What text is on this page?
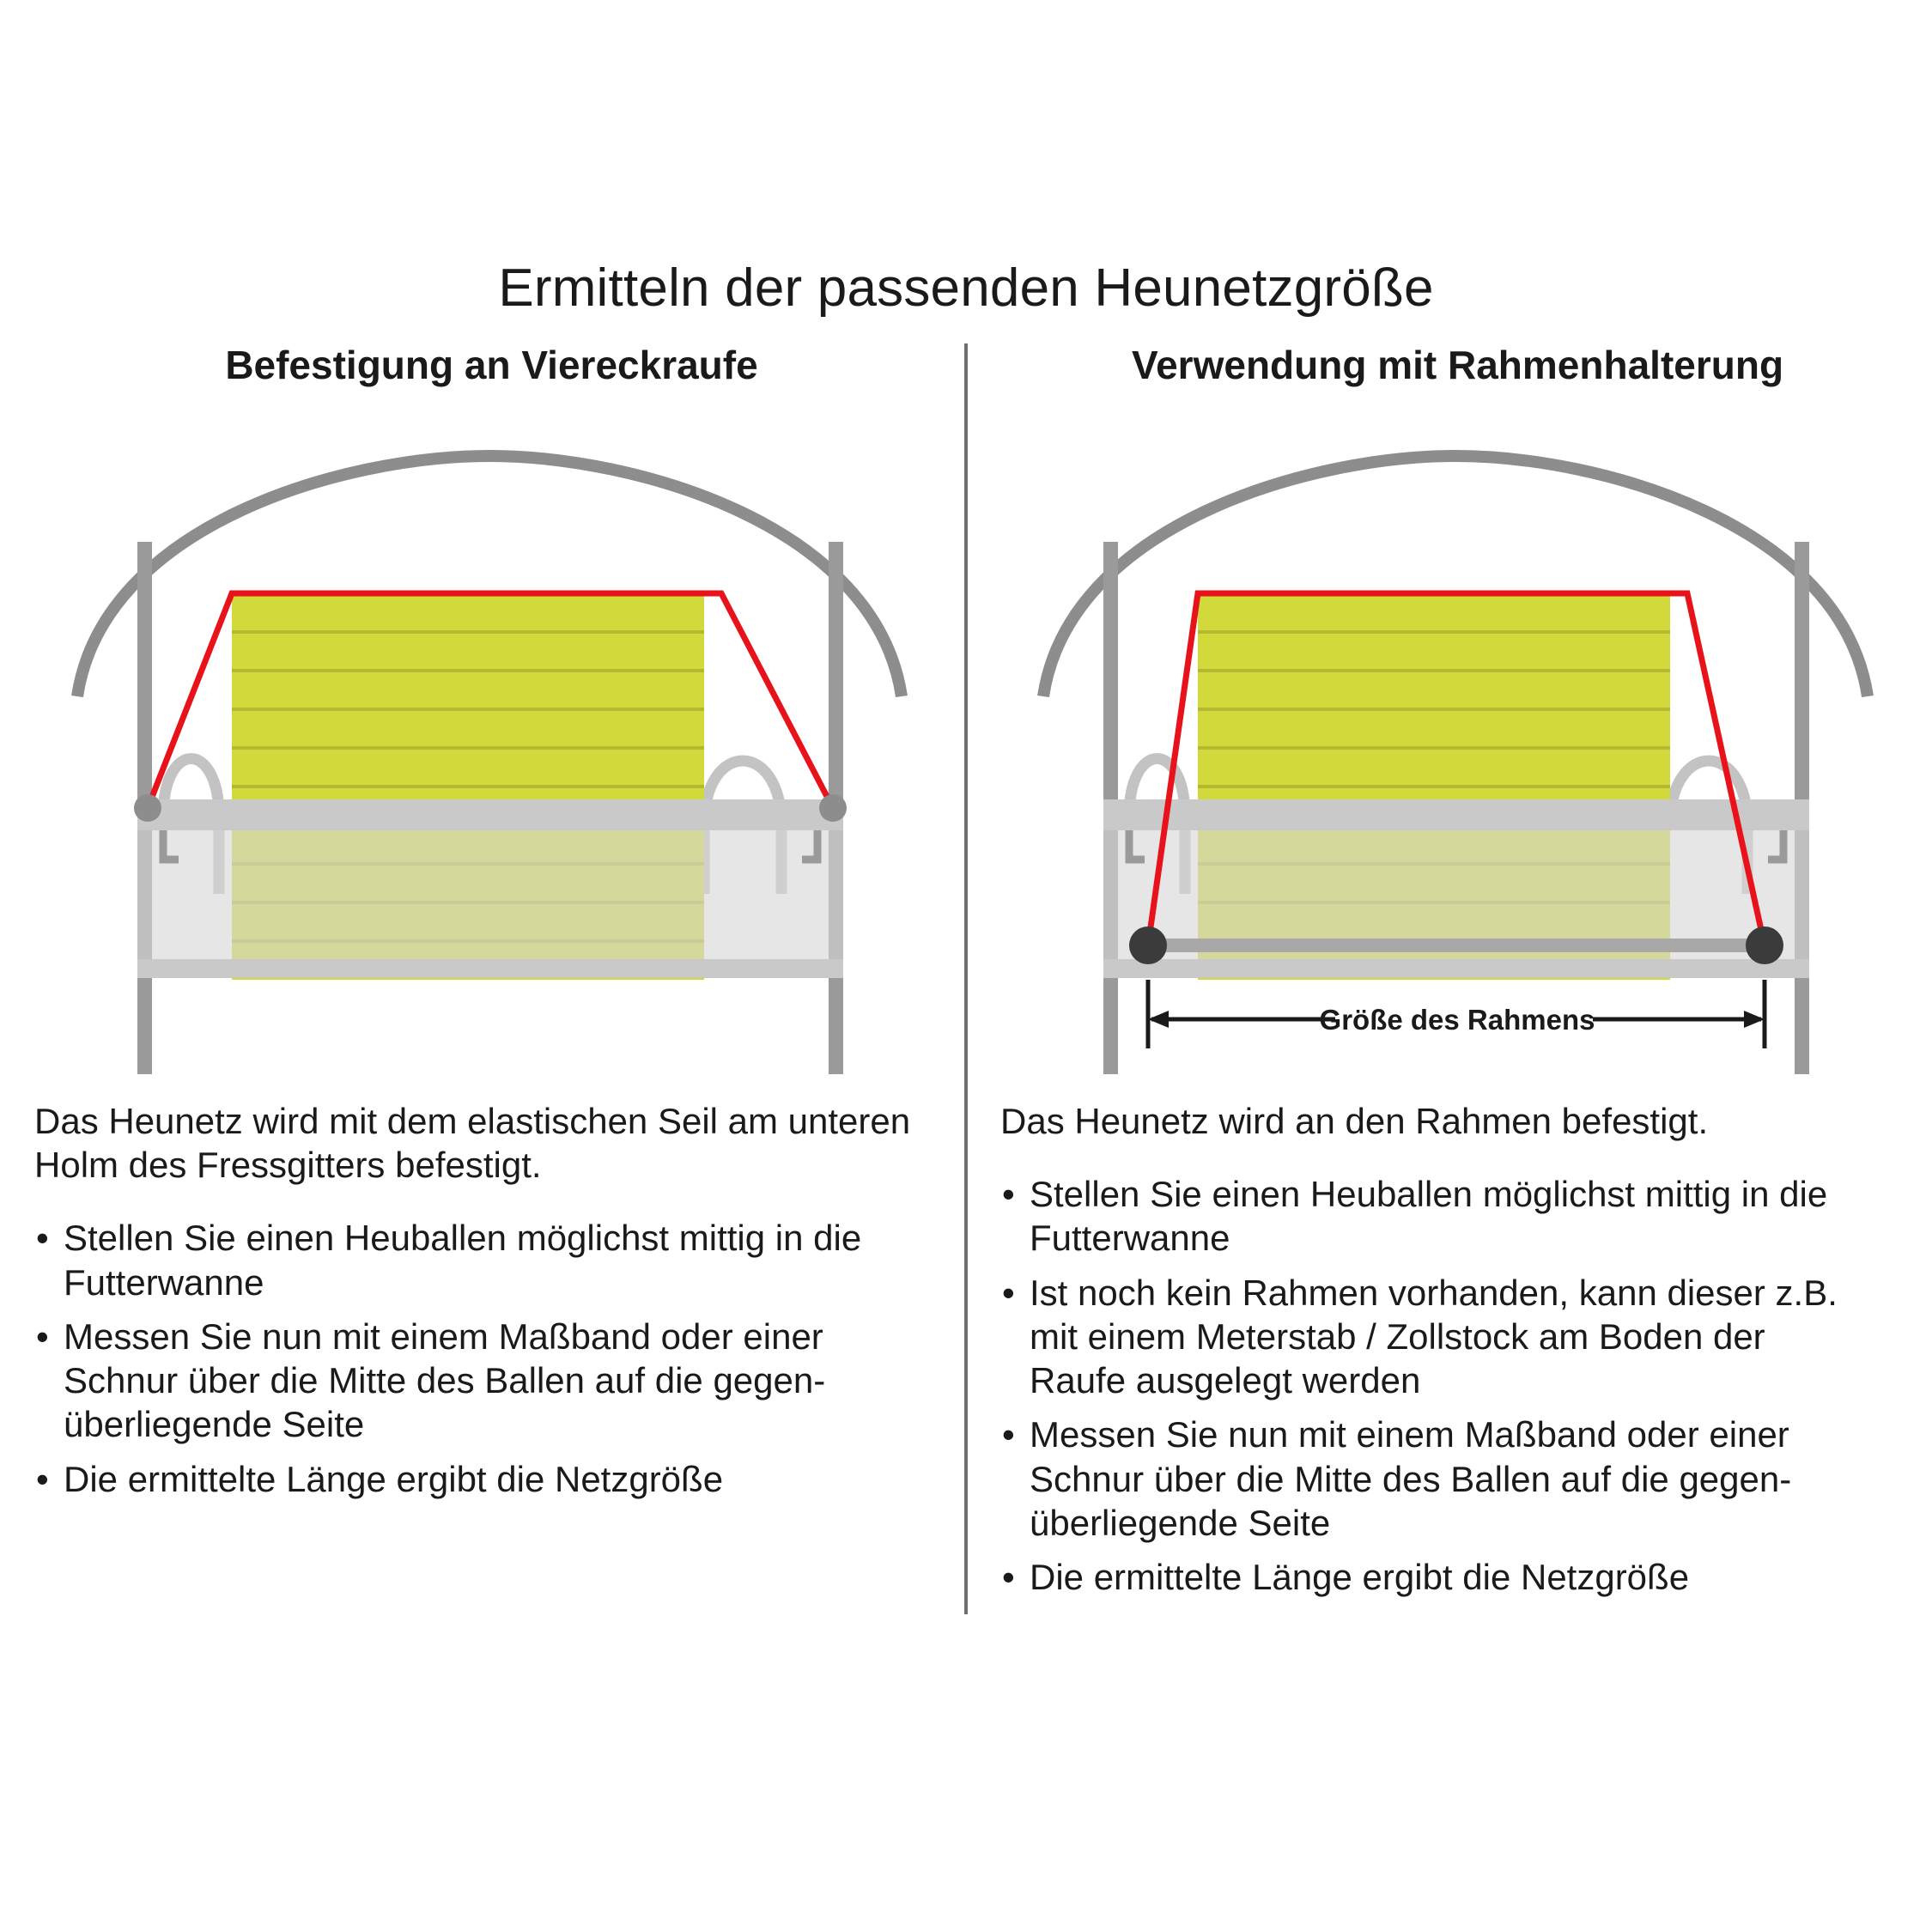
Ermitteln der passenden Heunetzgröße
Befestigung an Viereckraufe

Das Heunetz wird mit dem elastischen Seil am unteren Holm des Fressgitters befestigt.

• Stellen Sie einen Heuballen möglichst mittig in die Futterwanne
• Messen Sie nun mit einem Maßband oder einer Schnur über die Mitte des Ballen auf die gegen-überliegende Seite
• Die ermittelte Länge ergibt die Netzgröße
Verwendung mit Rahmenhalterung
Größe des Rahmens

Das Heunetz wird an den Rahmen befestigt.

• Stellen Sie einen Heuballen möglichst mittig in die Futterwanne
• Ist noch kein Rahmen vorhanden, kann dieser z.B. mit einem Meterstab / Zollstock am Boden der Raufe ausgelegt werden
• Messen Sie nun mit einem Maßband oder einer Schnur über die Mitte des Ballen auf die gegen-überliegende Seite
• Die ermittelte Länge ergibt die Netzgröße
